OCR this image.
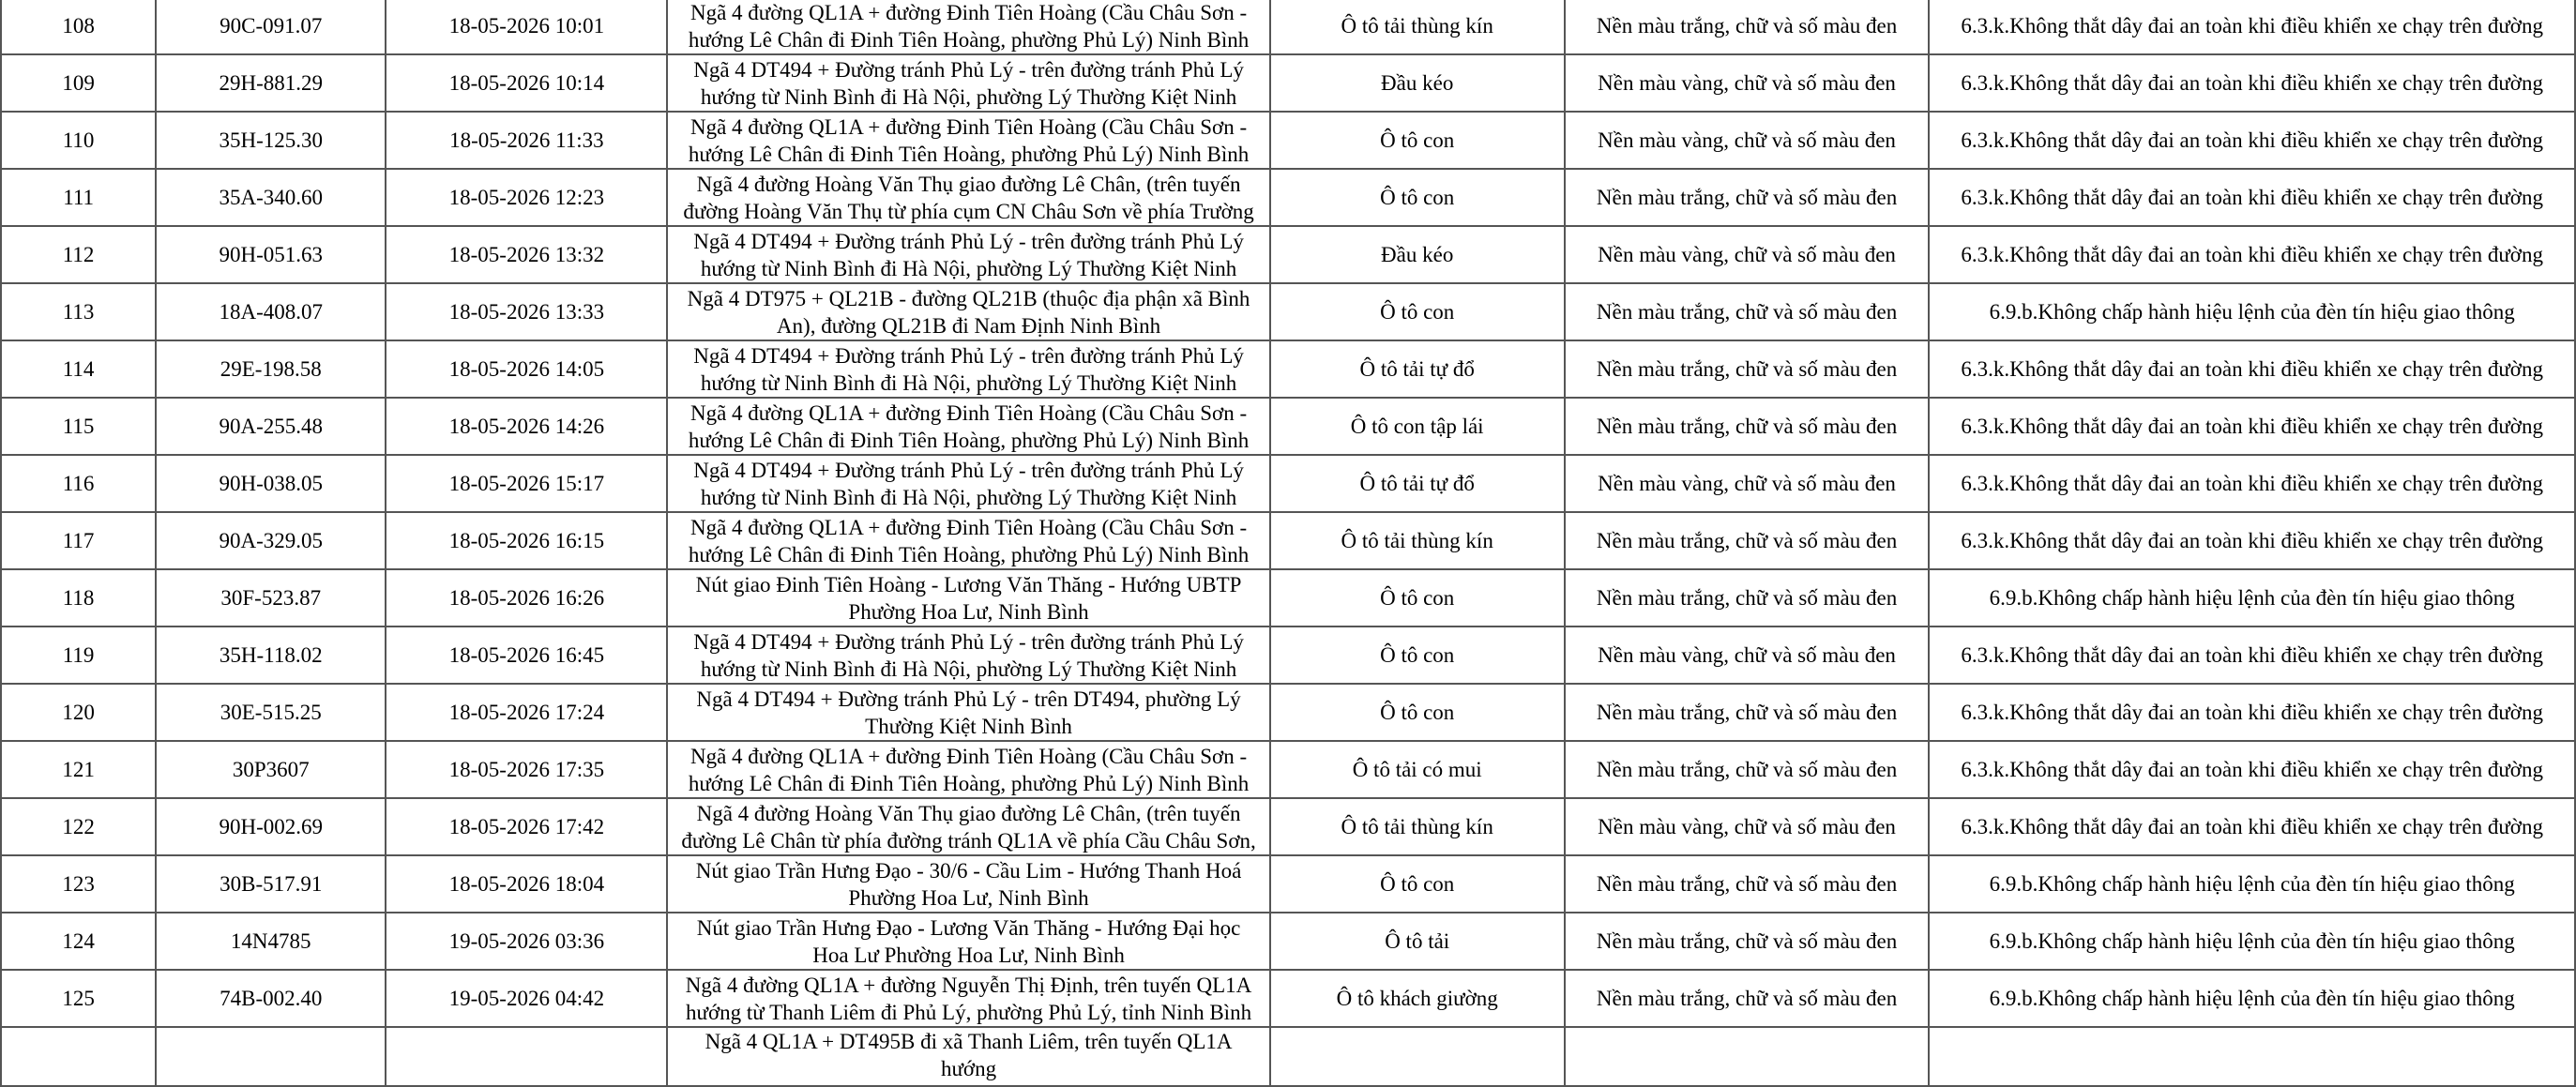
108	90C-091.07	18-05-2026 10:01	Ngã 4 đường QL1A + đường Đinh Tiên Hoàng (Cầu Châu Sơn - hướng Lê Chân đi Đinh Tiên Hoàng, phường Phủ Lý) Ninh Bình	Ô tô tải thùng kín	Nền màu trắng, chữ và số màu đen	6.3.k.Không thắt dây đai an toàn khi điều khiển xe chạy trên đường
109	29H-881.29	18-05-2026 10:14	Ngã 4 DT494 + Đường tránh Phủ Lý - trên đường tránh Phủ Lý hướng từ Ninh Bình đi Hà Nội, phường Lý Thường Kiệt Ninh	Đầu kéo	Nền màu vàng, chữ và số màu đen	6.3.k.Không thắt dây đai an toàn khi điều khiển xe chạy trên đường
110	35H-125.30	18-05-2026 11:33	Ngã 4 đường QL1A + đường Đinh Tiên Hoàng (Cầu Châu Sơn - hướng Lê Chân đi Đinh Tiên Hoàng, phường Phủ Lý) Ninh Bình	Ô tô con	Nền màu vàng, chữ và số màu đen	6.3.k.Không thắt dây đai an toàn khi điều khiển xe chạy trên đường
111	35A-340.60	18-05-2026 12:23	Ngã 4 đường Hoàng Văn Thụ giao đường Lê Chân, (trên tuyến đường Hoàng Văn Thụ từ phía cụm CN Châu Sơn về phía Trường	Ô tô con	Nền màu trắng, chữ và số màu đen	6.3.k.Không thắt dây đai an toàn khi điều khiển xe chạy trên đường
112	90H-051.63	18-05-2026 13:32	Ngã 4 DT494 + Đường tránh Phủ Lý - trên đường tránh Phủ Lý hướng từ Ninh Bình đi Hà Nội, phường Lý Thường Kiệt Ninh	Đầu kéo	Nền màu vàng, chữ và số màu đen	6.3.k.Không thắt dây đai an toàn khi điều khiển xe chạy trên đường
113	18A-408.07	18-05-2026 13:33	Ngã 4 DT975 + QL21B - đường QL21B (thuộc địa phận xã Bình An), đường QL21B đi Nam Định Ninh Bình	Ô tô con	Nền màu trắng, chữ và số màu đen	6.9.b.Không chấp hành hiệu lệnh của đèn tín hiệu giao thông
114	29E-198.58	18-05-2026 14:05	Ngã 4 DT494 + Đường tránh Phủ Lý - trên đường tránh Phủ Lý hướng từ Ninh Bình đi Hà Nội, phường Lý Thường Kiệt Ninh	Ô tô tải tự đổ	Nền màu trắng, chữ và số màu đen	6.3.k.Không thắt dây đai an toàn khi điều khiển xe chạy trên đường
115	90A-255.48	18-05-2026 14:26	Ngã 4 đường QL1A + đường Đinh Tiên Hoàng (Cầu Châu Sơn - hướng Lê Chân đi Đinh Tiên Hoàng, phường Phủ Lý) Ninh Bình	Ô tô con tập lái	Nền màu trắng, chữ và số màu đen	6.3.k.Không thắt dây đai an toàn khi điều khiển xe chạy trên đường
116	90H-038.05	18-05-2026 15:17	Ngã 4 DT494 + Đường tránh Phủ Lý - trên đường tránh Phủ Lý hướng từ Ninh Bình đi Hà Nội, phường Lý Thường Kiệt Ninh	Ô tô tải tự đổ	Nền màu vàng, chữ và số màu đen	6.3.k.Không thắt dây đai an toàn khi điều khiển xe chạy trên đường
117	90A-329.05	18-05-2026 16:15	Ngã 4 đường QL1A + đường Đinh Tiên Hoàng (Cầu Châu Sơn - hướng Lê Chân đi Đinh Tiên Hoàng, phường Phủ Lý) Ninh Bình	Ô tô tải thùng kín	Nền màu trắng, chữ và số màu đen	6.3.k.Không thắt dây đai an toàn khi điều khiển xe chạy trên đường
118	30F-523.87	18-05-2026 16:26	Nút giao Đinh Tiên Hoàng - Lương Văn Thăng - Hướng UBTP Phường Hoa Lư, Ninh Bình	Ô tô con	Nền màu trắng, chữ và số màu đen	6.9.b.Không chấp hành hiệu lệnh của đèn tín hiệu giao thông
119	35H-118.02	18-05-2026 16:45	Ngã 4 DT494 + Đường tránh Phủ Lý - trên đường tránh Phủ Lý hướng từ Ninh Bình đi Hà Nội, phường Lý Thường Kiệt Ninh	Ô tô con	Nền màu vàng, chữ và số màu đen	6.3.k.Không thắt dây đai an toàn khi điều khiển xe chạy trên đường
120	30E-515.25	18-05-2026 17:24	Ngã 4 DT494 + Đường tránh Phủ Lý - trên DT494, phường Lý Thường Kiệt Ninh Bình	Ô tô con	Nền màu trắng, chữ và số màu đen	6.3.k.Không thắt dây đai an toàn khi điều khiển xe chạy trên đường
121	30P3607	18-05-2026 17:35	Ngã 4 đường QL1A + đường Đinh Tiên Hoàng (Cầu Châu Sơn - hướng Lê Chân đi Đinh Tiên Hoàng, phường Phủ Lý) Ninh Bình	Ô tô tải có mui	Nền màu trắng, chữ và số màu đen	6.3.k.Không thắt dây đai an toàn khi điều khiển xe chạy trên đường
122	90H-002.69	18-05-2026 17:42	Ngã 4 đường Hoàng Văn Thụ giao đường Lê Chân, (trên tuyến đường Lê Chân từ phía đường tránh QL1A về phía Cầu Châu Sơn,	Ô tô tải thùng kín	Nền màu vàng, chữ và số màu đen	6.3.k.Không thắt dây đai an toàn khi điều khiển xe chạy trên đường
123	30B-517.91	18-05-2026 18:04	Nút giao Trần Hưng Đạo - 30/6 - Cầu Lim - Hướng Thanh Hoá Phường Hoa Lư, Ninh Bình	Ô tô con	Nền màu trắng, chữ và số màu đen	6.9.b.Không chấp hành hiệu lệnh của đèn tín hiệu giao thông
124	14N4785	19-05-2026 03:36	Nút giao Trần Hưng Đạo - Lương Văn Thăng - Hướng Đại học Hoa Lư Phường Hoa Lư, Ninh Bình	Ô tô tải	Nền màu trắng, chữ và số màu đen	6.9.b.Không chấp hành hiệu lệnh của đèn tín hiệu giao thông
125	74B-002.40	19-05-2026 04:42	Ngã 4 đường QL1A + đường Nguyễn Thị Định, trên tuyến QL1A hướng từ Thanh Liêm đi Phủ Lý, phường Phủ Lý, tỉnh Ninh Bình	Ô tô khách giường	Nền màu trắng, chữ và số màu đen	6.9.b.Không chấp hành hiệu lệnh của đèn tín hiệu giao thông
			Ngã 4 QL1A + DT495B đi xã Thanh Liêm, trên tuyến QL1A hướng			
